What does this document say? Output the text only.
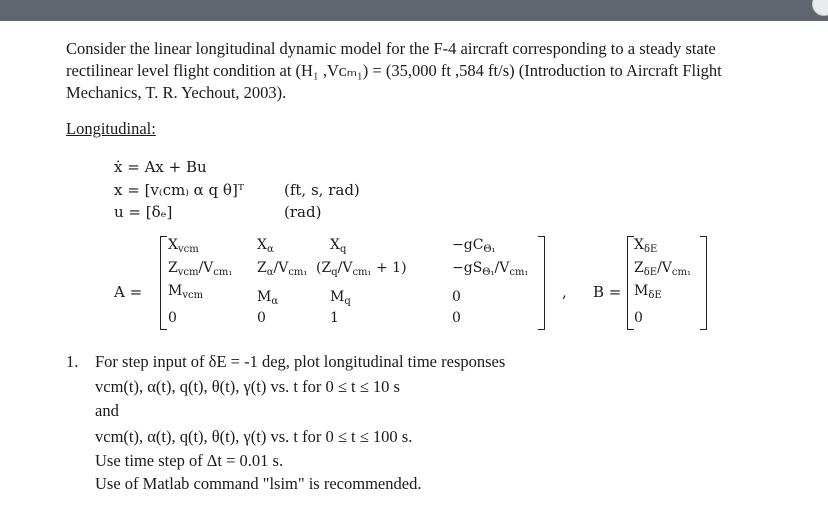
Consider the linear longitudinal dynamic model for the F-4 aircraft corresponding to a steady state
rectilinear level flight condition at (H₁ ,Vᴄₘ₁) = (35,000 ft ,584 ft/s) (Introduction to Aircraft Flight
Mechanics, T. R. Yechout, 2003).
Longitudinal:
ẋ = Ax + Bu
x = [v₍cm₎ α q θ]ᵀ	(ft, s, rad)
u = [δₑ]	(rad)
A =
$X_{vcm}$	$X_\alpha$	$X_q$	$-gC_{\Theta_1}$
$Z_{vcm}/V_{cm_1}$ $Z_\alpha/V_{cm_1}$ $(Z_q/V_{cm_1} + 1)$	$-gS_{\Theta_1}/V_{cm_1}$
$M_{vcm}$	$M_\alpha$	$M_q$	0
0	0	1	0
, B =
$X_{\delta E}$
$Z_{\delta E}/V_{cm_1}$
$M_{\delta E}$
0
1. For step input of δE = -1 deg, plot longitudinal time responses
vcm(t), α(t), q(t), θ(t), γ(t) vs. t for 0 ≤ t ≤ 10 s
and
vcm(t), α(t), q(t), θ(t), γ(t) vs. t for 0 ≤ t ≤ 100 s.
Use time step of Δt = 0.01 s.
Use of Matlab command "lsim" is recommended.
